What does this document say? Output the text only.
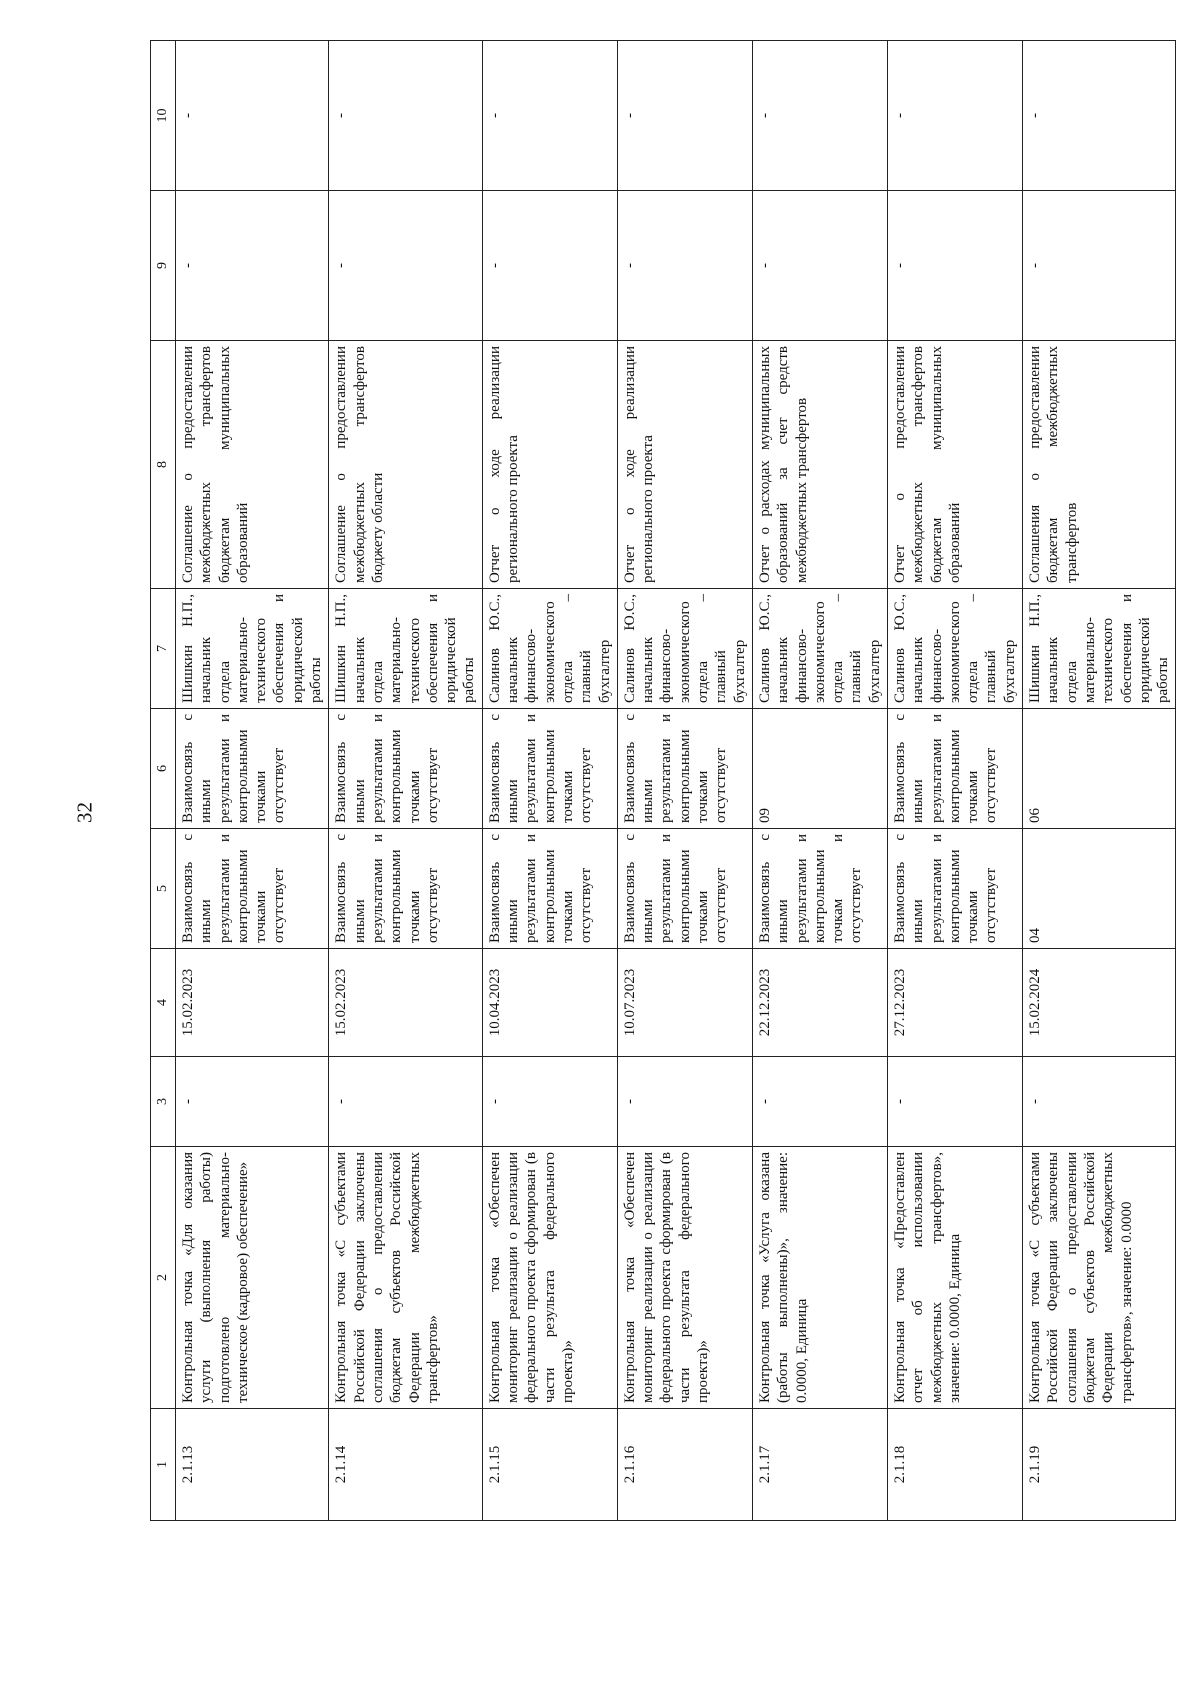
32
1	2	3	4	5	6	7	8	9	10
2.1.13	Контрольная точка «Для оказания услуги (выполнения работы) подготовлено материально-техническое (кадровое) обеспечение»	-	15.02.2023	Взаимосвязь с иными результатами и контрольными точками отсутствует	Взаимосвязь с иными результатами и контрольными точками отсутствует	Шишкин Н.П., начальник отдела материально-технического обеспечения и юридической работы	Соглашение о предоставлении межбюджетных трансфертов бюджетам муниципальных образований	-	-
2.1.14	Контрольная точка «С субъектами Российской Федерации заключены соглашения о предоставлении бюджетам субъектов Российской Федерации межбюджетных трансфертов»	-	15.02.2023	Взаимосвязь с иными результатами и контрольными точками отсутствует	Взаимосвязь с иными результатами и контрольными точками отсутствует	Шишкин Н.П., начальник отдела материально-технического обеспечения и юридической работы	Соглашение о предоставлении межбюджетных трансфертов бюджету области	-	-
2.1.15	Контрольная точка «Обеспечен мониторинг реализации о реализации федерального проекта сформирован (в части результата федерального проекта)»	-	10.04.2023	Взаимосвязь с иными результатами и контрольными точками отсутствует	Взаимосвязь с иными результатами и контрольными точками отсутствует	Салинов Ю.С., начальник финансово-экономического отдела – главный бухгалтер	Отчет о ходе реализации регионального проекта	-	-
2.1.16	Контрольная точка «Обеспечен мониторинг реализации о реализации федерального проекта сформирован (в части результата федерального проекта)»	-	10.07.2023	Взаимосвязь с иными результатами и контрольными точками отсутствует	Взаимосвязь с иными результатами и контрольными точками отсутствует	Салинов Ю.С., начальник финансово-экономического отдела – главный бухгалтер	Отчет о ходе реализации регионального проекта	-	-
2.1.17	Контрольная точка «Услуга оказана (работы выполнены)», значение: 0.0000, Единица	-	22.12.2023	Взаимосвязь с иными результатами и контрольными точкам и отсутствует	09	Салинов Ю.С., начальник финансово-экономического отдела – главный бухгалтер	Отчет о расходах муниципальных образований за счет средств межбюджетных трансфертов	-	-
2.1.18	Контрольная точка «Предоставлен отчет об использовании межбюджетных трансфертов», значение: 0.0000, Единица	-	27.12.2023	Взаимосвязь с иными результатами и контрольными точками отсутствует	Взаимосвязь с иными результатами и контрольными точками отсутствует	Салинов Ю.С., начальник финансово-экономического отдела – главный бухгалтер	Отчет о предоставлении межбюджетных трансфертов бюджетам муниципальных образований	-	-
2.1.19	Контрольная точка «С субъектами Российской Федерации заключены соглашения о предоставлении бюджетам субъектов Российской Федерации межбюджетных трансфертов», значение: 0.0000	-	15.02.2024	04	06	Шишкин Н.П., начальник отдела материально-технического обеспечения и юридической работы	Соглашения о предоставлении бюджетам межбюджетных трансфертов	-	-
